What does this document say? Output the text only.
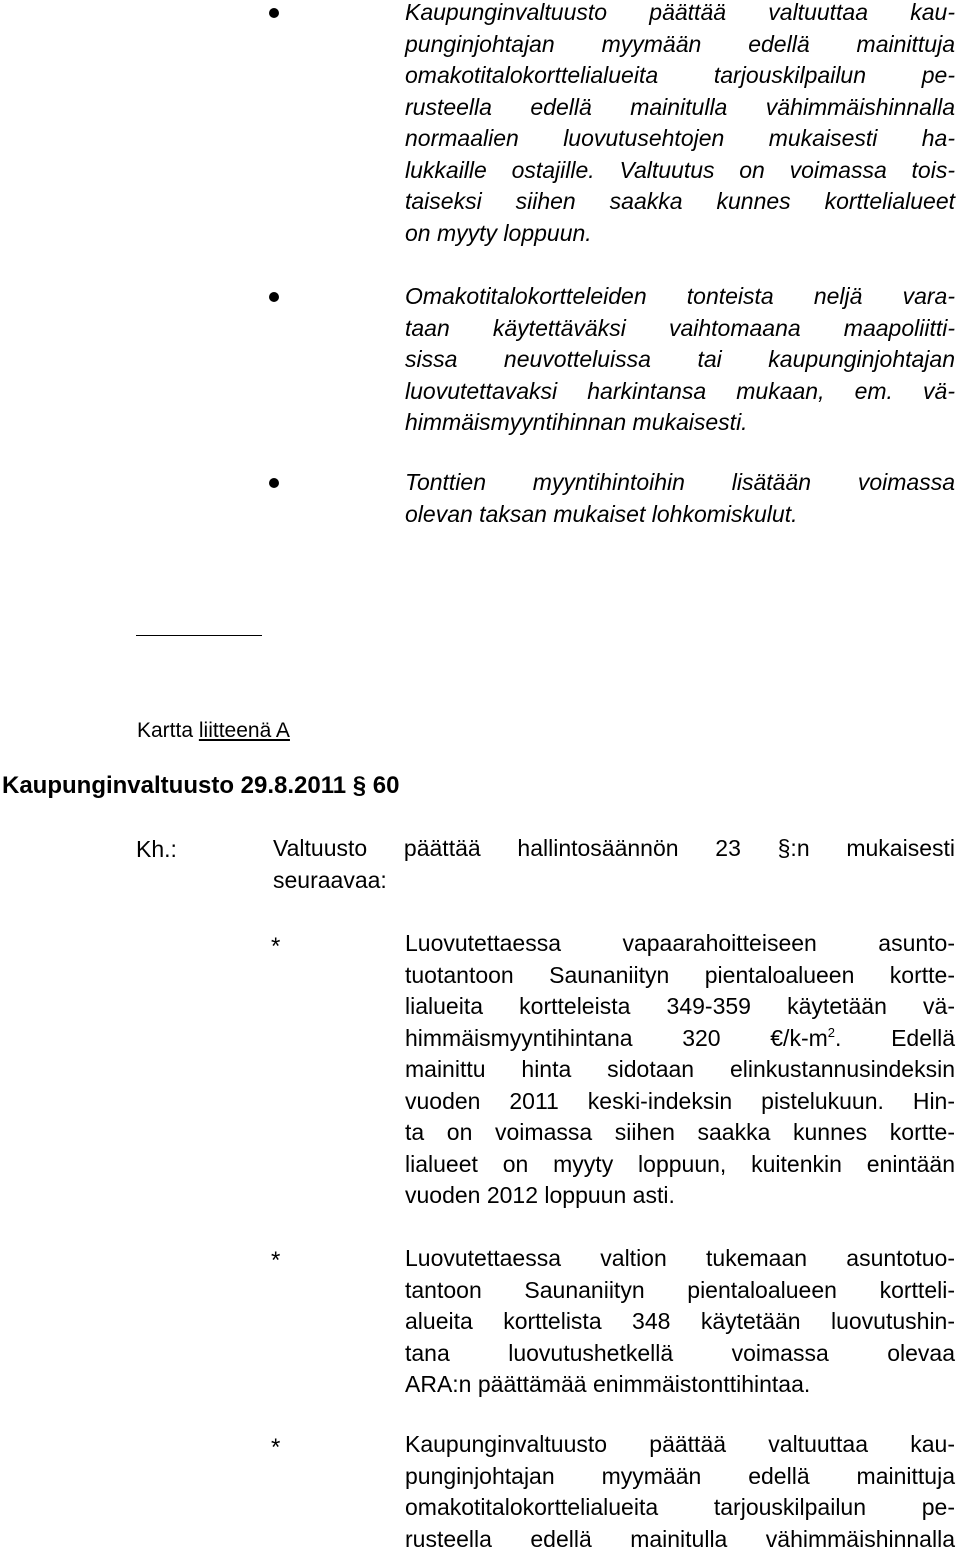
Kaupunginvaltuusto päättää valtuuttaa kau-
punginjohtajan myymään edellä mainittuja
omakotitalokorttelialueita tarjouskilpailun pe-
rusteella edellä mainitulla vähimmäishinnalla
normaalien luovutusehtojen mukaisesti ha-
lukkaille ostajille. Valtuutus on voimassa tois-
taiseksi siihen saakka kunnes korttelialueet
on myyty loppuun.
Omakotitalokortteleiden tonteista neljä vara-
taan käytettäväksi vaihtomaana maapoliitti-
sissa neuvotteluissa tai kaupunginjohtajan
luovutettavaksi harkintansa mukaan, em. vä-
himmäismyyntihinnan mukaisesti.
Tonttien myyntihintoihin lisätään voimassa
olevan taksan mukaiset lohkomiskulut.
Kartta liitteenä A
Kaupunginvaltuusto 29.8.2011 § 60
Kh.:	Valtuusto päättää hallintosäännön 23 §:n mukaisesti
seuraavaa:
*	Luovutettaessa vapaarahoitteiseen asunto-
tuotantoon Saunaniityn pientaloalueen kortte-
lialueita kortteleista 349-359 käytetään vä-
himmäismyyntihintana 320 $€/k-m^2$. Edellä
mainittu hinta sidotaan elinkustannusindeksin
vuoden 2011 keski-indeksin pistelukuun. Hin-
ta on voimassa siihen saakka kunnes kortte-
lialueet on myyty loppuun, kuitenkin enintään
vuoden 2012 loppuun asti.
*	Luovutettaessa valtion tukemaan asuntotuo-
tantoon Saunaniityn pientaloalueen kortteli-
alueita korttelista 348 käytetään luovutushin-
tana luovutushetkellä voimassa olevaa
ARA:n päättämää enimmäistonttihintaa.
*	Kaupunginvaltuusto päättää valtuuttaa kau-
punginjohtajan myymään edellä mainittuja
omakotitalokorttelialueita tarjouskilpailun pe-
rusteella edellä mainitulla vähimmäishinnalla
